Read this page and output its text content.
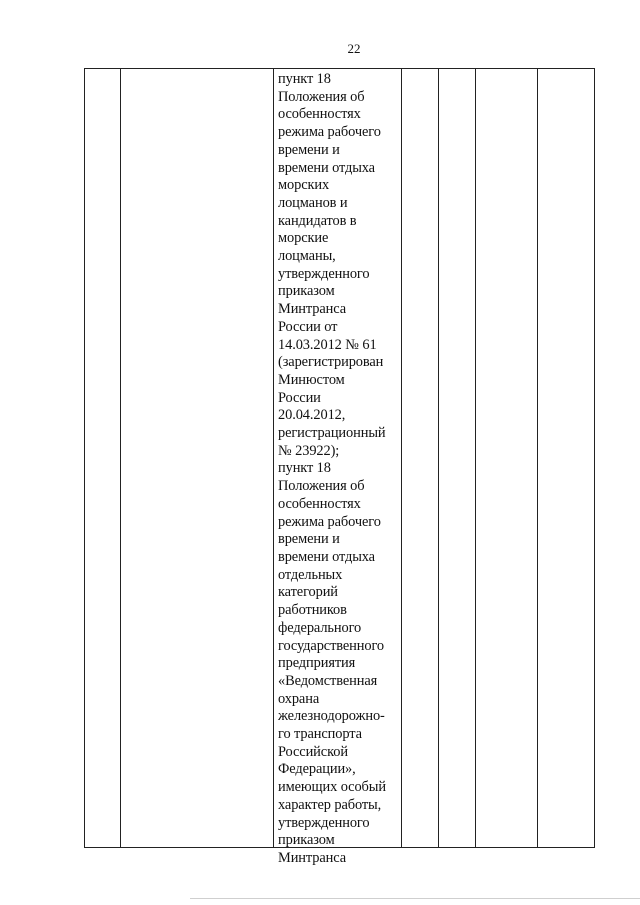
22
пункт 18
Положения об
особенностях
режима рабочего
времени и
времени отдыха
морских
лоцманов и
кандидатов в
морские
лоцманы,
утвержденного
приказом
Минтранса
России от
14.03.2012 № 61
(зарегистрирован
Минюстом
России
20.04.2012,
регистрационный
№ 23922);
пункт 18
Положения об
особенностях
режима рабочего
времени и
времени отдыха
отдельных
категорий
работников
федерального
государственного
предприятия
«Ведомственная
охрана
железнодорожно-
го транспорта
Российской
Федерации»,
имеющих особый
характер работы,
утвержденного
приказом
Минтранса
